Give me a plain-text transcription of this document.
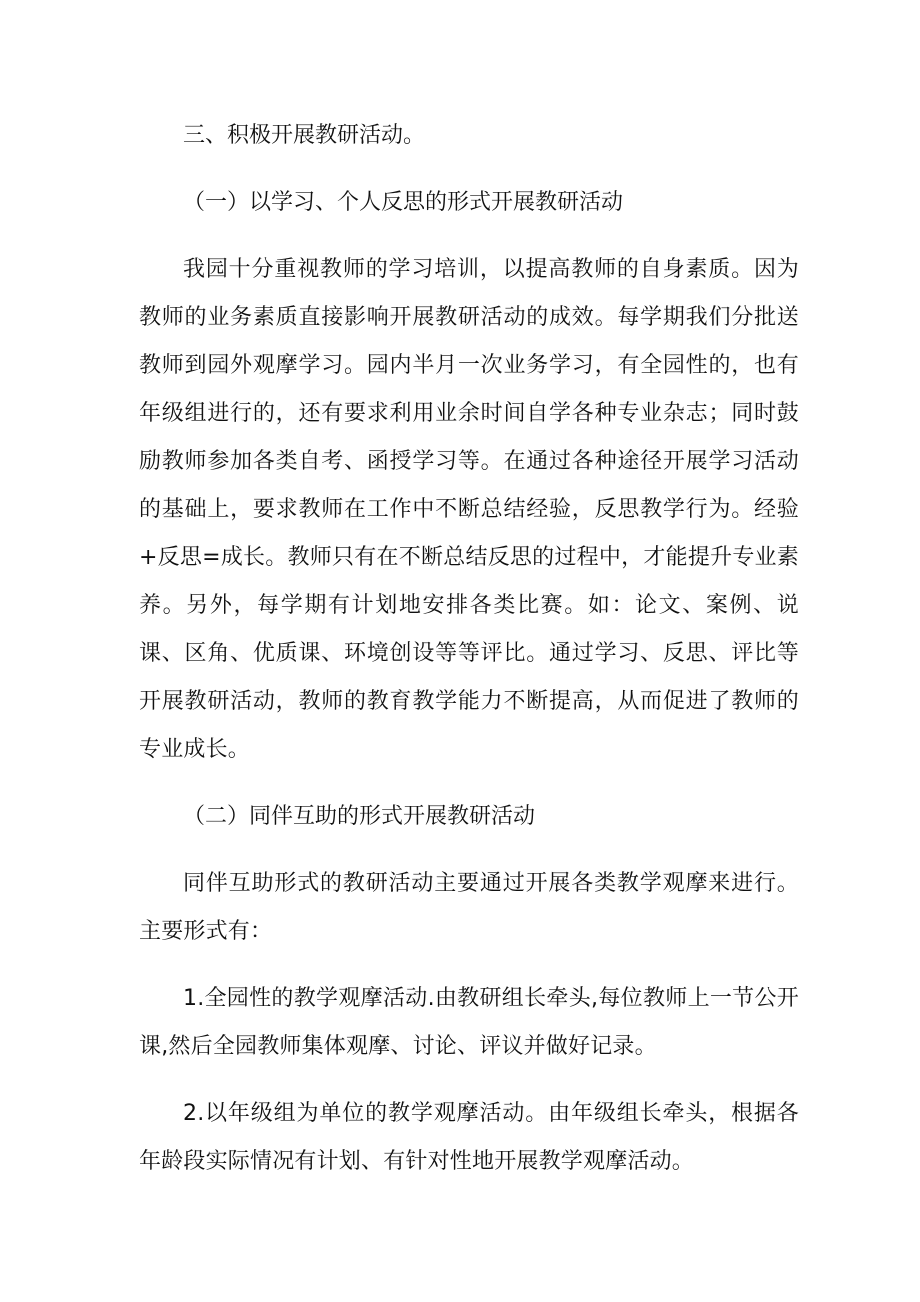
三、积极开展教研活动。
（一）以学习、个人反思的形式开展教研活动

我园十分重视教师的学习培训，以提高教师的自身素质。因为教师的业务素质直接影响开展教研活动的成效。每学期我们分批送教师到园外观摩学习。园内半月一次业务学习，有全园性的，也有年级组进行的，还有要求利用业余时间自学各种专业杂志；同时鼓励教师参加各类自考、函授学习等。在通过各种途径开展学习活动的基础上，要求教师在工作中不断总结经验，反思教学行为。经验+反思=成长。教师只有在不断总结反思的过程中，才能提升专业素养。另外，每学期有计划地安排各类比赛。如：论文、案例、说课、区角、优质课、环境创设等等评比。通过学习、反思、评比等开展教研活动，教师的教育教学能力不断提高，从而促进了教师的专业成长。

（二）同伴互助的形式开展教研活动

同伴互助形式的教研活动主要通过开展各类教学观摩来进行。主要形式有：

1.全园性的教学观摩活动.由教研组长牵头,每位教师上一节公开课,然后全园教师集体观摩、讨论、评议并做好记录。

2.以年级组为单位的教学观摩活动。由年级组长牵头，根据各年龄段实际情况有计划、有针对性地开展教学观摩活动。
